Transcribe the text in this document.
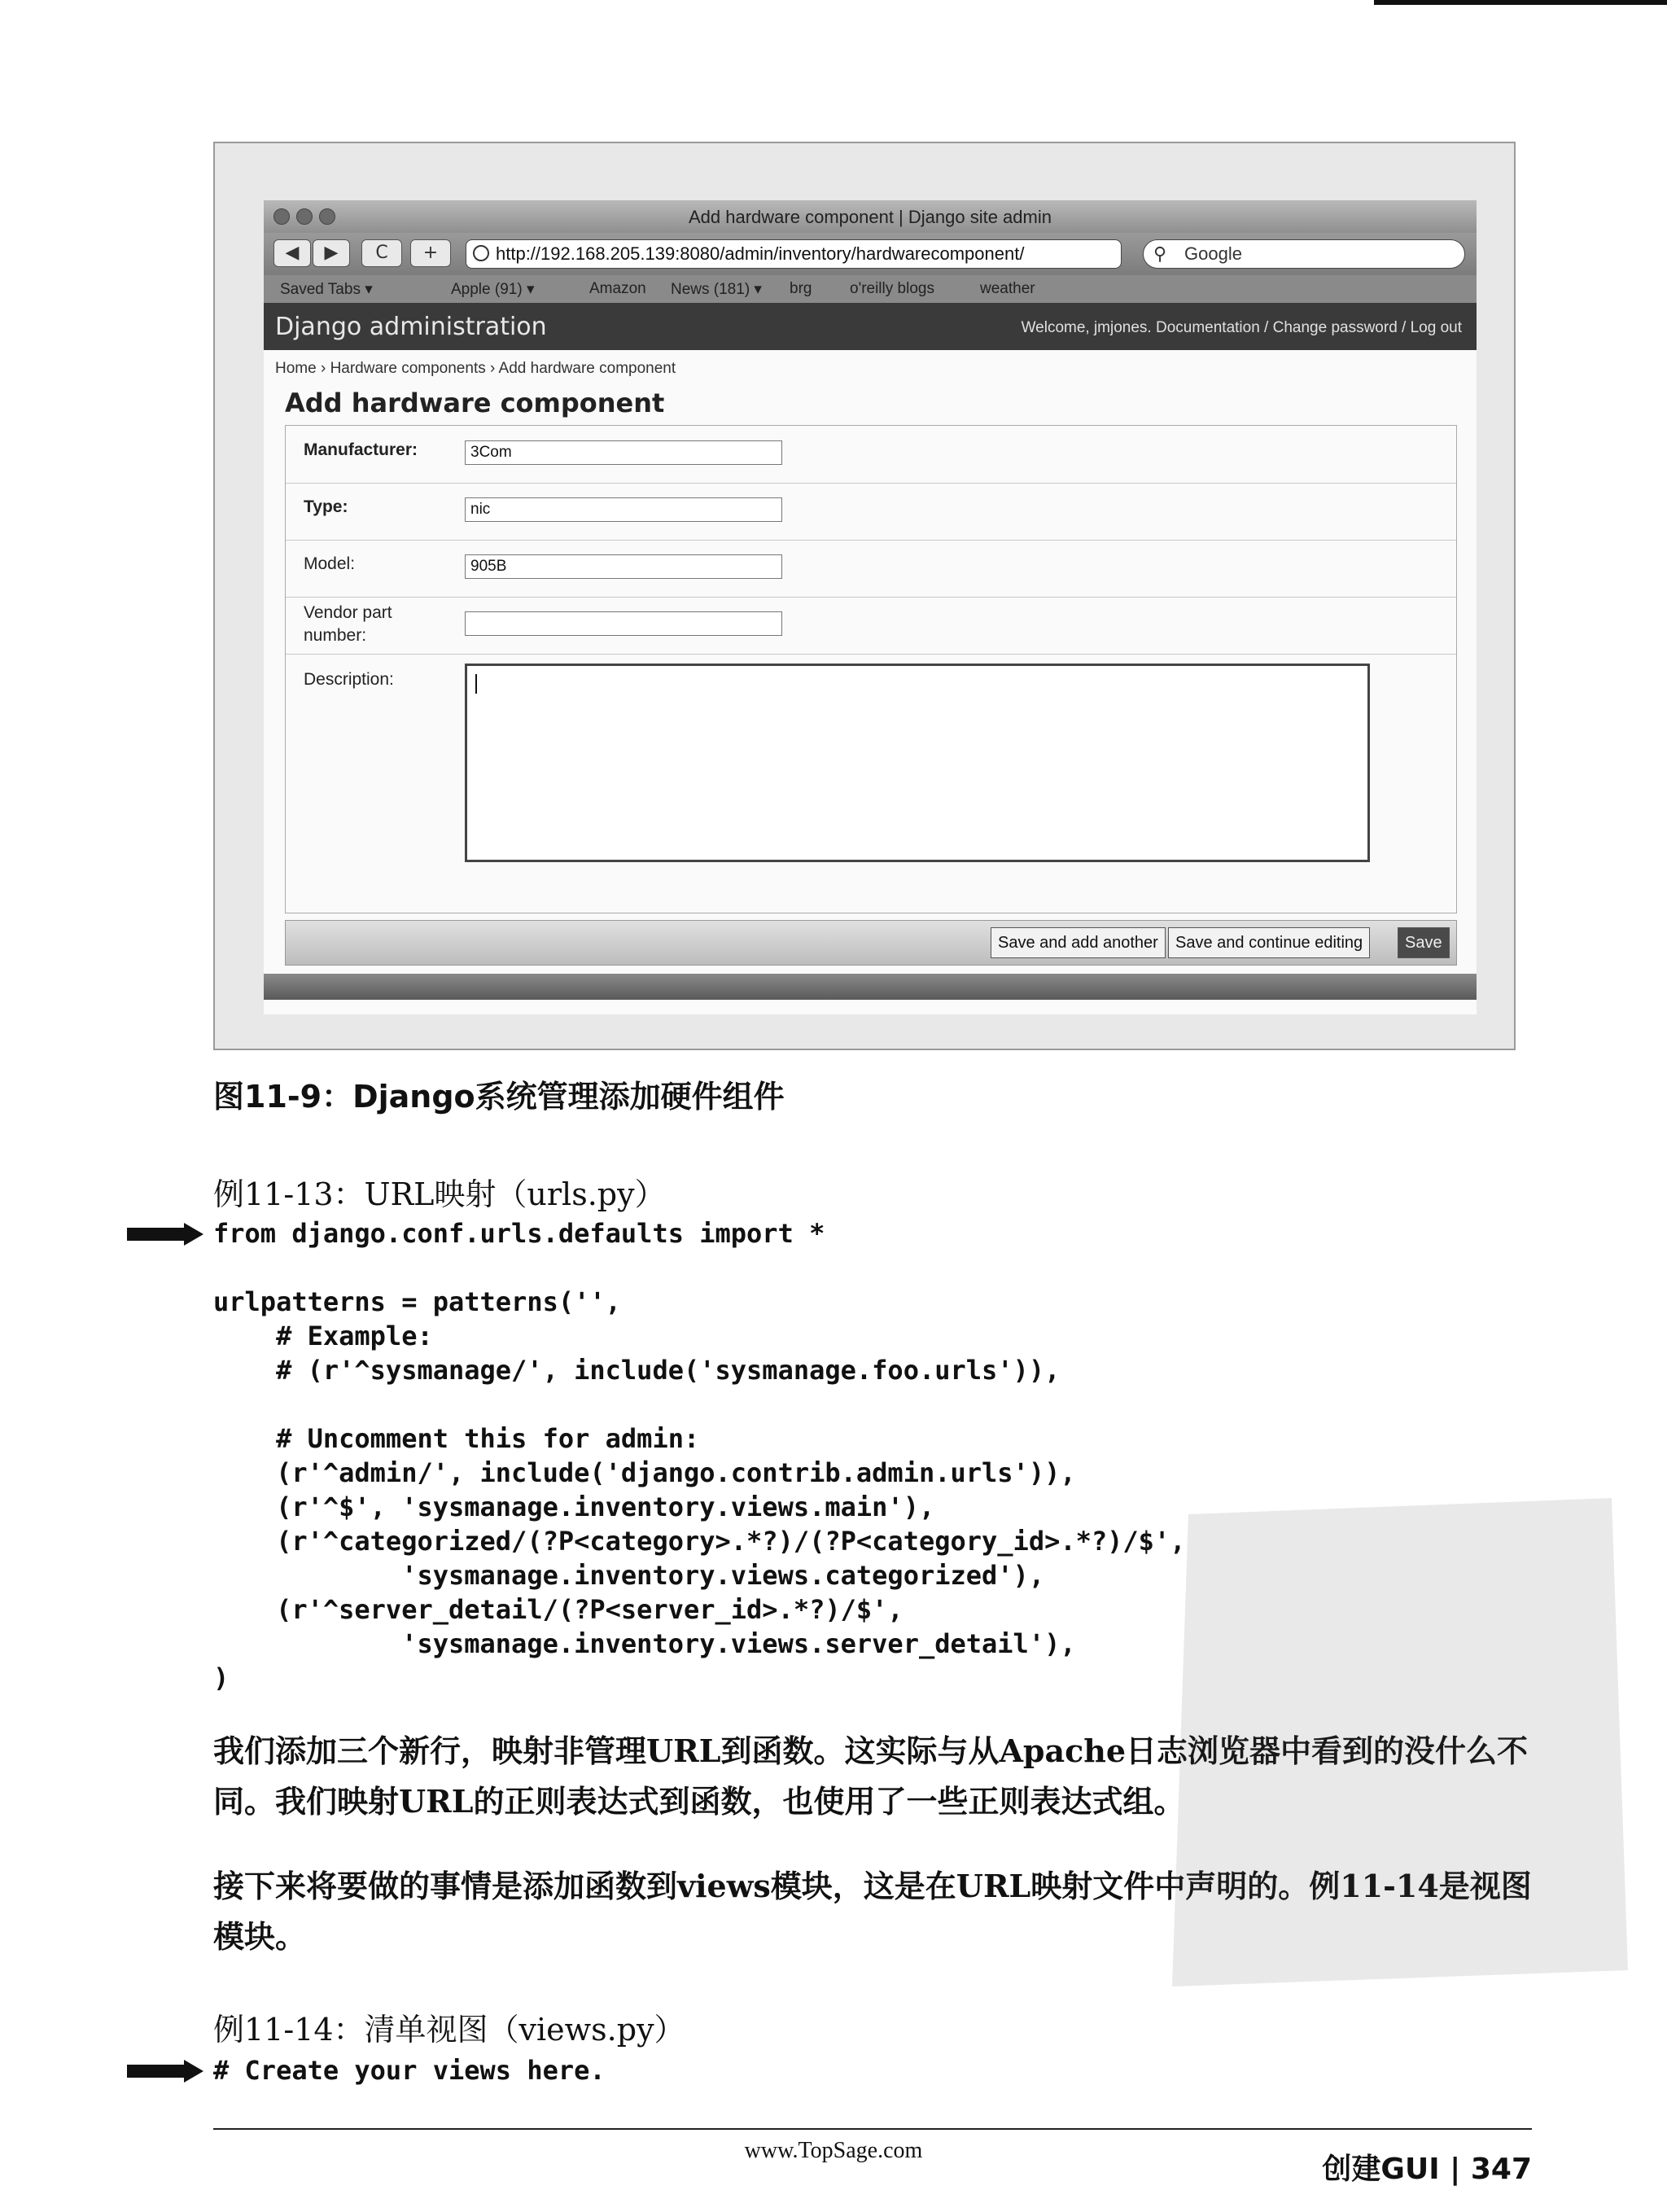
Add hardware component | Django site admin
◀	▶	C	+	http://192.168.205.139:8080/admin/inventory/hardwarecomponent/	⚲ Google
Saved Tabs ▾	Apple (91) ▾	Amazon News (181) ▾ brg o'reilly blogs	weather
Django administration	Welcome, jmjones. Documentation / Change password / Log out
Home › Hardware components › Add hardware component
Add hardware component
Manufacturer:	3Com
Type:	nic
Model:	905B
Vendor part
number:
Description:
Save and add another	Save and continue editing	Save
图11-9：Django系统管理添加硬件组件
例11-13：URL映射（urls.py）
from django.conf.urls.defaults import *

urlpatterns = patterns('',
# Example:
# (r'^sysmanage/', include('sysmanage.foo.urls')),

# Uncomment this for admin:
(r'^admin/', include('django.contrib.admin.urls')),
(r'^$', 'sysmanage.inventory.views.main'),
(r'^categorized/(?P<category>.*?)/(?P<category_id>.*?)/$',
'sysmanage.inventory.views.categorized'),
(r'^server_detail/(?P<server_id>.*?)/$',
'sysmanage.inventory.views.server_detail'),
)
我们添加三个新行，映射非管理URL到函数。这实际与从Apache日志浏览器中看到的没什么不同。我们映射URL的正则表达式到函数，也使用了一些正则表达式组。
接下来将要做的事情是添加函数到views模块，这是在URL映射文件中声明的。例11-14是视图模块。
例11-14：清单视图（views.py）
# Create your views here.
www.TopSage.com
创建GUI | 347
